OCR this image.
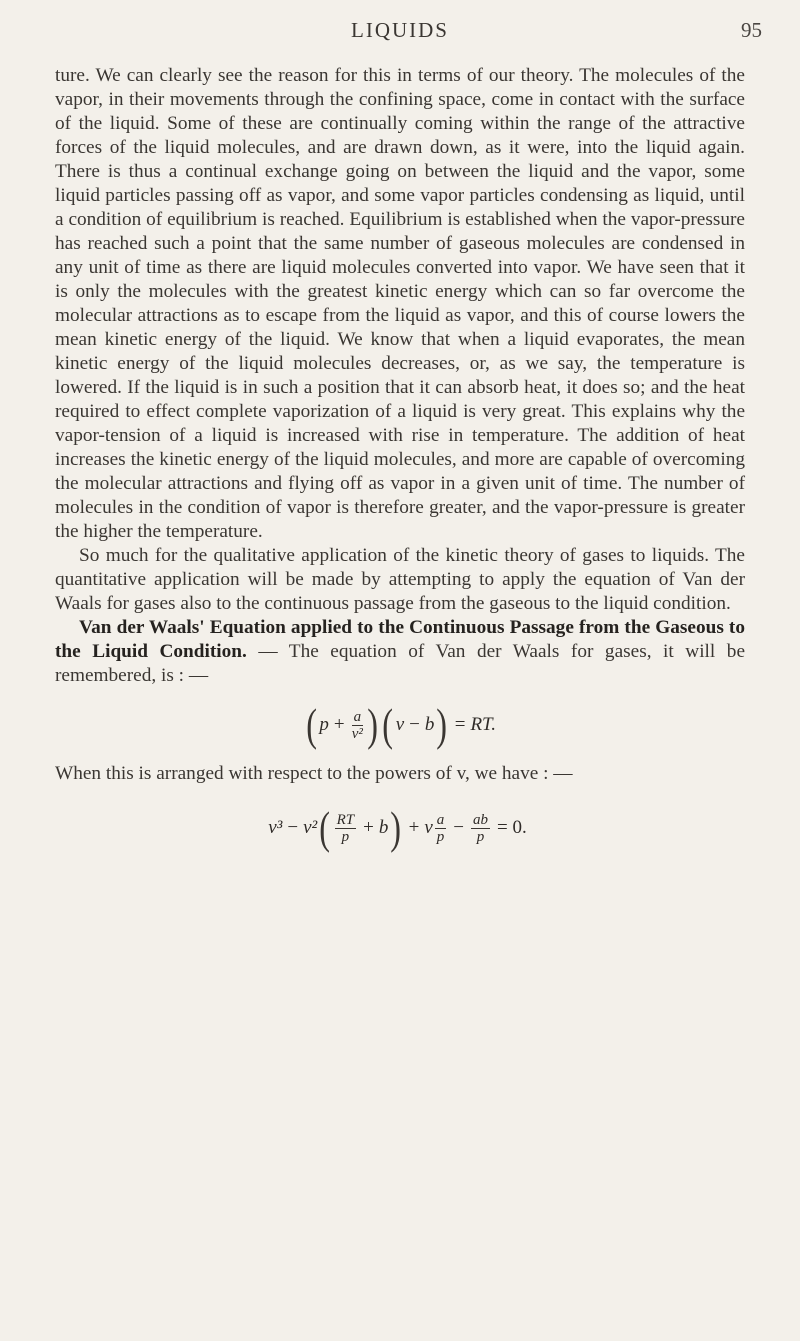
LIQUIDS	95

ture. We can clearly see the reason for this in terms of our theory. The molecules of the vapor, in their movements through the confining space, come in contact with the surface of the liquid. Some of these are continually coming within the range of the attractive forces of the liquid molecules, and are drawn down, as it were, into the liquid again. There is thus a continual exchange going on between the liquid and the vapor, some liquid particles passing off as vapor, and some vapor particles condensing as liquid, until a condition of equilibrium is reached. Equilibrium is established when the vapor-pressure has reached such a point that the same number of gaseous molecules are condensed in any unit of time as there are liquid molecules converted into vapor. We have seen that it is only the molecules with the greatest kinetic energy which can so far overcome the molecular attractions as to escape from the liquid as vapor, and this of course lowers the mean kinetic energy of the liquid. We know that when a liquid evaporates, the mean kinetic energy of the liquid molecules decreases, or, as we say, the temperature is lowered. If the liquid is in such a position that it can absorb heat, it does so; and the heat required to effect complete vaporization of a liquid is very great. This explains why the vapor-tension of a liquid is increased with rise in temperature. The addition of heat increases the kinetic energy of the liquid molecules, and more are capable of overcoming the molecular attractions and flying off as vapor in a given unit of time. The number of molecules in the condition of vapor is therefore greater, and the vapor-pressure is greater the higher the temperature.

So much for the qualitative application of the kinetic theory of gases to liquids. The quantitative application will be made by attempting to apply the equation of Van der Waals for gases also to the continuous passage from the gaseous to the liquid condition.

Van der Waals' Equation applied to the Continuous Passage from the Gaseous to the Liquid Condition. — The equation of Van der Waals for gases, it will be remembered, is : —

( $p + \frac{a}{\text{v²}}$ ) ( v − b ) = RT.

When this is arranged with respect to the powers of v, we have : —

v³ − v² ( $\frac{RT}{p} + b$ ) + v $\frac{a}{p} - \frac{ab}{p} = 0$.
